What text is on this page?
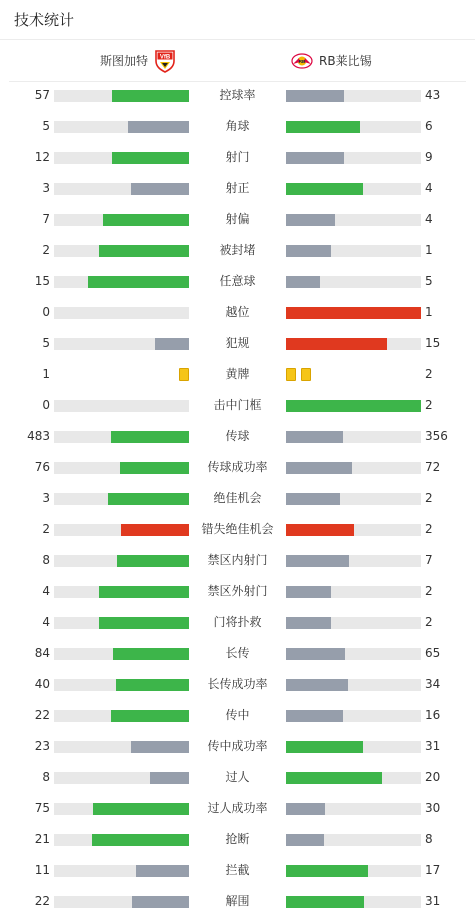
技术统计
斯图加特 VfB
RB RB莱比锡
57	控球率	43
5	角球	6
12	射门	9
3	射正	4
7	射偏	4
2	被封堵	1
15	任意球	5
0	越位	1
5	犯规	15
1	黄牌	2
0	击中门框	2
483	传球	356
76	传球成功率	72
3	绝佳机会	2
2	错失绝佳机会	2
8	禁区内射门	7
4	禁区外射门	2
4	门将扑救	2
84	长传	65
40	长传成功率	34
22	传中	16
23	传中成功率	31
8	过人	20
75	过人成功率	30
21	抢断	8
11	拦截	17
22	解围	31
